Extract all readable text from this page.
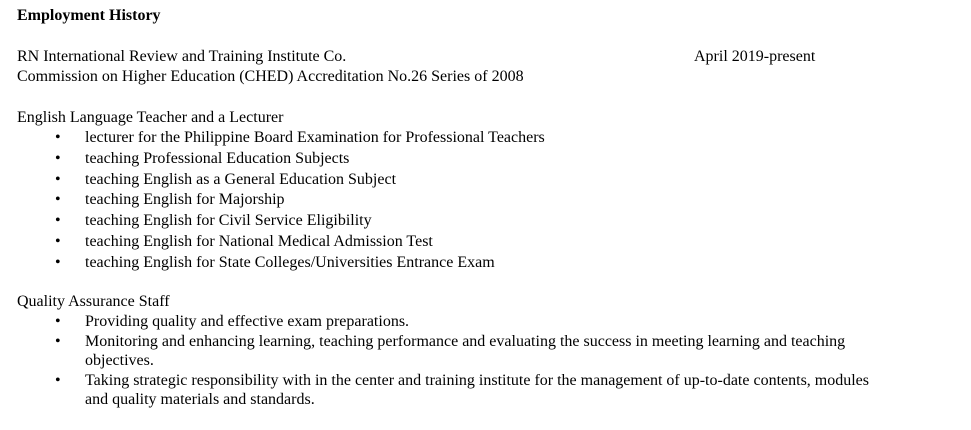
Employment History
RN International Review and Training Institute Co.	April 2019-present
Commission on Higher Education (CHED) Accreditation No.26 Series of 2008
English Language Teacher and a Lecturer
• lecturer for the Philippine Board Examination for Professional Teachers
• teaching Professional Education Subjects
• teaching English as a General Education Subject
• teaching English for Majorship
• teaching English for Civil Service Eligibility
• teaching English for National Medical Admission Test
• teaching English for State Colleges/Universities Entrance Exam
Quality Assurance Staff
• Providing quality and effective exam preparations.
• Monitoring and enhancing learning, teaching performance and evaluating the success in meeting learning and teaching objectives.
• Taking strategic responsibility with in the center and training institute for the management of up-to-date contents, modules and quality materials and standards.
